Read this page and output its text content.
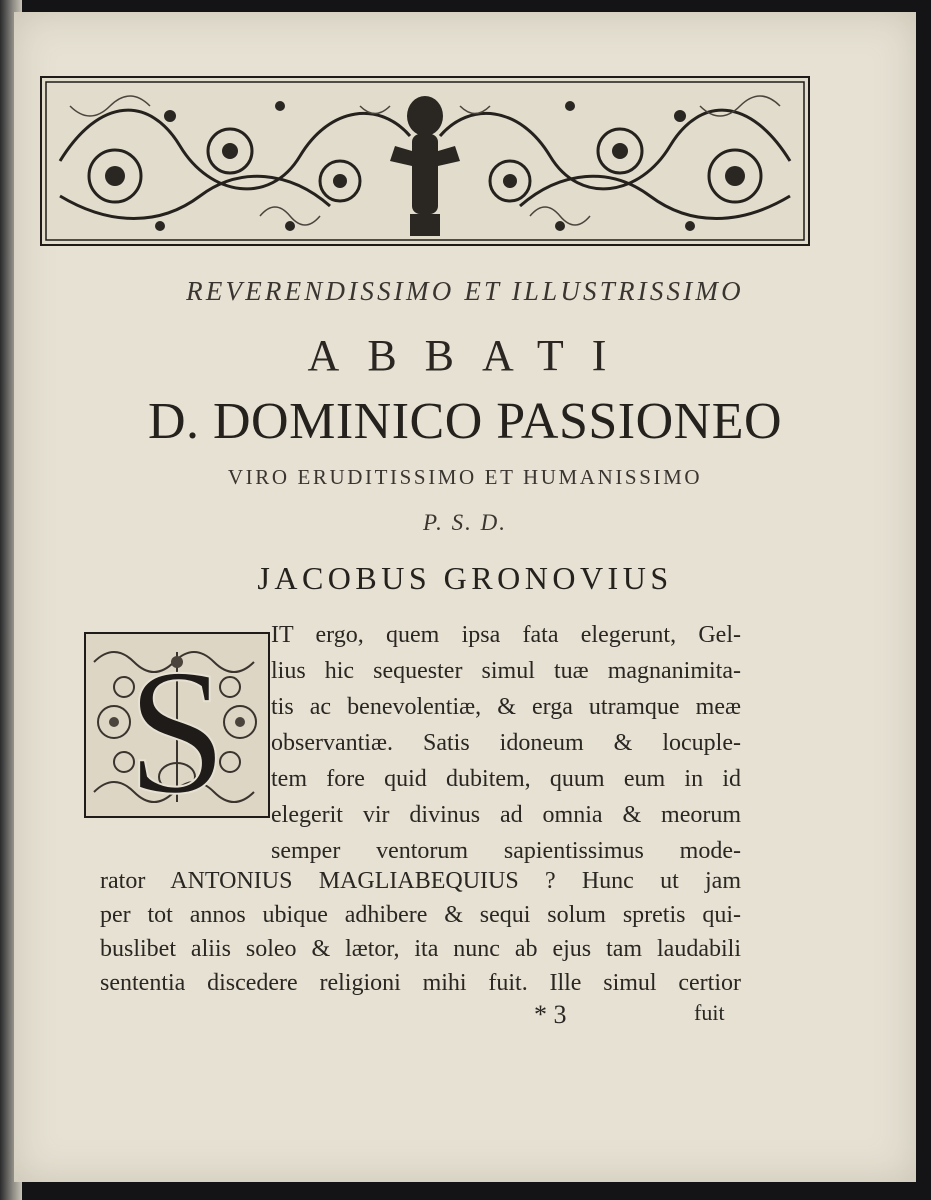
REVERENDISSIMO ET ILLUSTRISSIMO
ABBATI
D. DOMINICO PASSIONEO
VIRO ERUDITISSIMO ET HUMANISSIMO
P. S. D.
JACOBUS GRONOVIUS
S IT ergo, quem ipsa fata elegerunt, Gel-
lius hic sequester simul tuæ magnanimita-
tis ac benevolentiæ, & erga utramque meæ
observantiæ. Satis idoneum & locuple-
tem fore quid dubitem, quum eum in id
elegerit vir divinus ad omnia & meorum
semper ventorum sapientissimus mode-
rator ANTONIUS MAGLIABEQUIUS ? Hunc ut jam
per tot annos ubique adhibere & sequi solum spretis qui-
buslibet aliis soleo & lætor, ita nunc ab ejus tam laudabili
sententia discedere religioni mihi fuit. Ille simul certior
* 3	fuit
